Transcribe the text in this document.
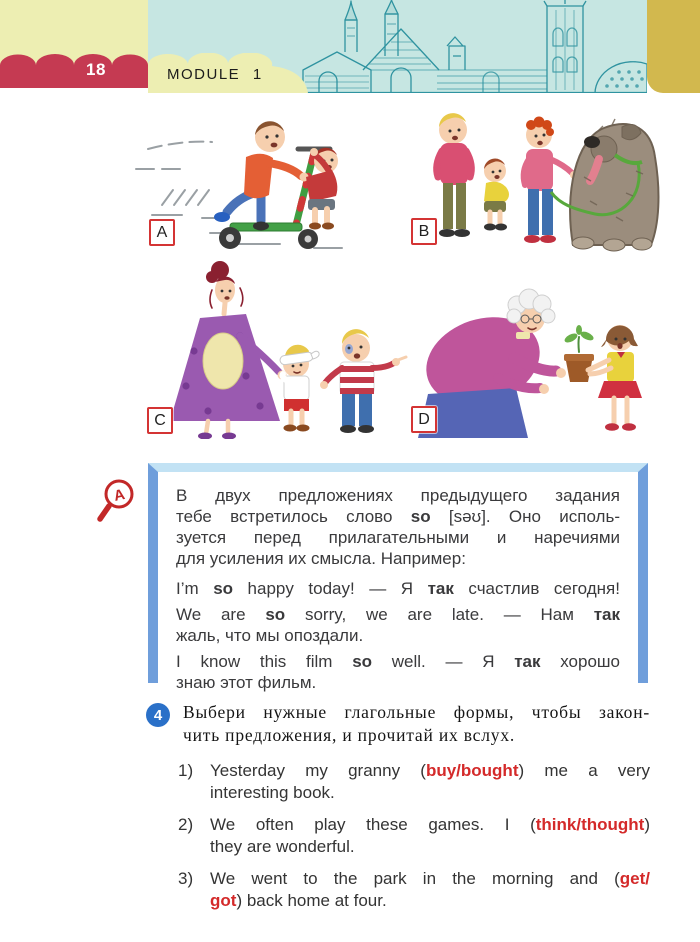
18	MODULE 1
A	B
C	D
A	В двух предложениях предыдущего задания
тебе встретилось слово so [səʊ]. Оно исполь-
зуется перед прилагательными и наречиями
для усиления их смысла. Например:
I’m so happy today! — Я так счастлив сегодня!
We are so sorry, we are late. — Нам так
жаль, что мы опоздали.
I know this film so well. — Я так хорошо
знаю этот фильм.
4 Выбери нужные глагольные формы, чтобы закон-
чить предложения, и прочитай их вслух.
1) Yesterday my granny (buy/bought) me a very
interesting book.
2) We often play these games. I (think/thought)
they are wonderful.
3) We went to the park in the morning and (get/
got) back home at four.
